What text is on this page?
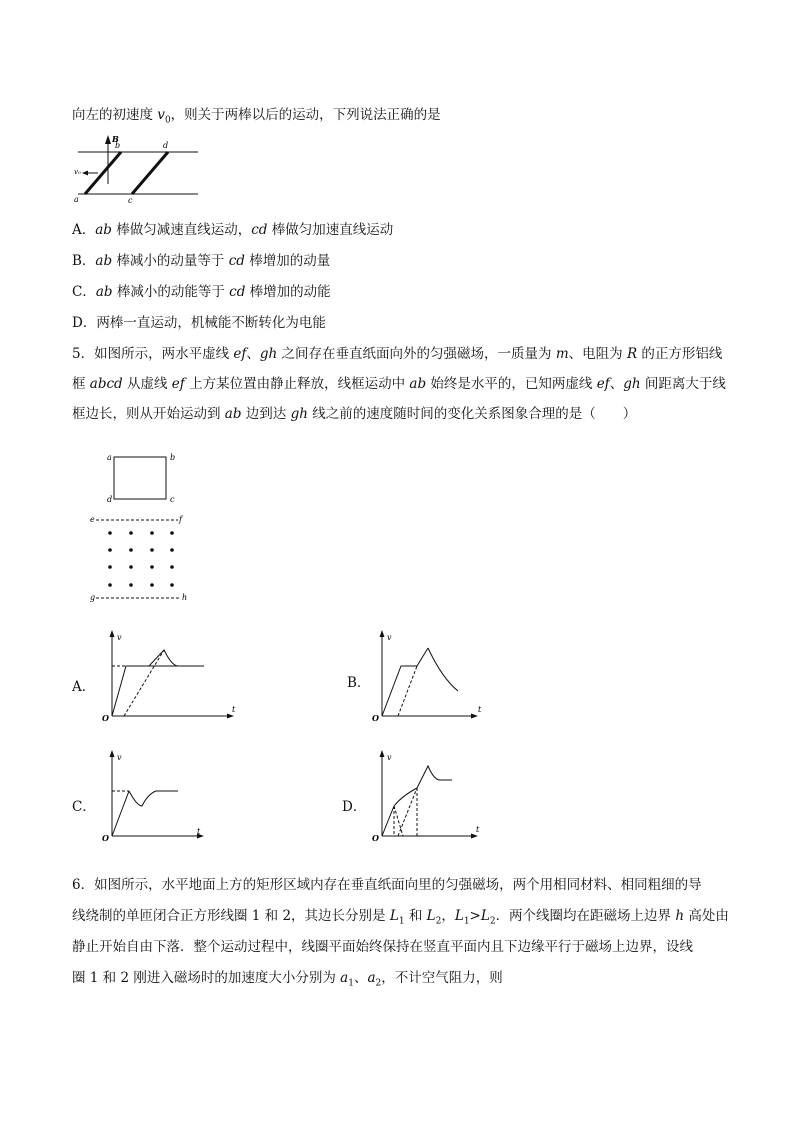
向左的初速度 $v_0$，则关于两棒以后的运动，下列说法正确的是
b
B
d
v₀
a	c
A．ab 棒做匀减速直线运动，cd 棒做匀加速直线运动
B．ab 棒减小的动量等于 cd 棒增加的动量
C．ab 棒减小的动能等于 cd 棒增加的动能
D．两棒一直运动，机械能不断转化为电能
5．如图所示，两水平虚线 ef、gh 之间存在垂直纸面向外的匀强磁场，一质量为 m、电阻为 R 的正方形铝线
框 abcd 从虚线 ef 上方某位置由静止释放，线框运动中 ab 始终是水平的，已知两虚线 ef、gh 间距离大于线
框边长，则从开始运动到 ab 边到达 gh 线之前的速度随时间的变化关系图象合理的是（　　）
a	b
c
d
e	f
g	h
A．
v
t
O
B．
v
t
O
C．
v
t
O
D．
v
t
O
6．如图所示，水平地面上方的矩形区域内存在垂直纸面向里的匀强磁场，两个用相同材料、相同粗细的导
线绕制的单匝闭合正方形线圈 1 和 2，其边长分别是 $L_1$ 和 $L_2$，$L_1>L_2$．两个线圈均在距磁场上边界 h 高处由
静止开始自由下落．整个运动过程中，线圈平面始终保持在竖直平面内且下边缘平行于磁场上边界，设线
圈 1 和 2 刚进入磁场时的加速度大小分别为 $a_1$、$a_2$，不计空气阻力，则
